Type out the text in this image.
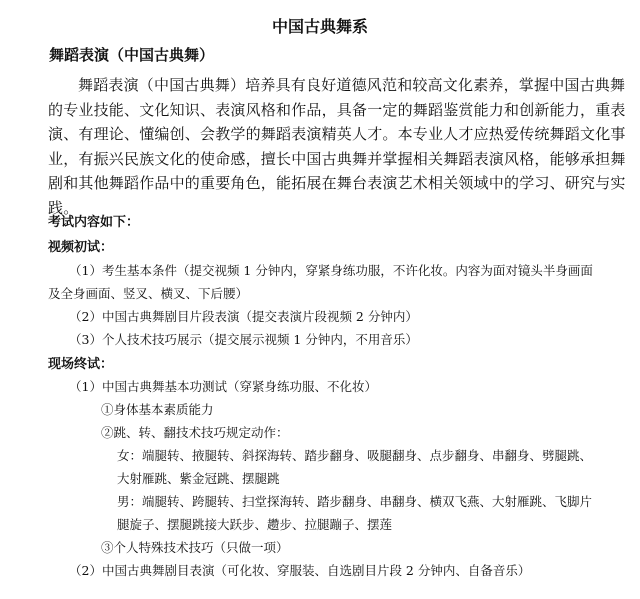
中国古典舞系
舞蹈表演（中国古典舞）
舞蹈表演（中国古典舞）培养具有良好道德风范和较高文化素养，掌握中国古典舞
的专业技能、文化知识、表演风格和作品，具备一定的舞蹈鉴赏能力和创新能力，重表
演、有理论、懂编创、会教学的舞蹈表演精英人才。本专业人才应热爱传统舞蹈文化事
业，有振兴民族文化的使命感，擅长中国古典舞并掌握相关舞蹈表演风格，能够承担舞
剧和其他舞蹈作品中的重要角色，能拓展在舞台表演艺术相关领域中的学习、研究与实
践。
考试内容如下：
视频初试：
（1）考生基本条件（提交视频 1 分钟内，穿紧身练功服，不许化妆。内容为面对镜头半身画面
及全身画面、竖叉、横叉、下后腰）
（2）中国古典舞剧目片段表演（提交表演片段视频 2 分钟内）
（3）个人技术技巧展示（提交展示视频 1 分钟内，不用音乐）
现场终试：
（1）中国古典舞基本功测试（穿紧身练功服、不化妆）
①身体基本素质能力
②跳、转、翻技术技巧规定动作：
女：端腿转、掖腿转、斜探海转、踏步翻身、吸腿翻身、点步翻身、串翻身、劈腿跳、
大射雁跳、紫金冠跳、摆腿跳
男：端腿转、跨腿转、扫堂探海转、踏步翻身、串翻身、横双飞燕、大射雁跳、飞脚片
腿旋子、摆腿跳接大跃步、趱步、拉腿蹦子、摆莲
③个人特殊技术技巧（只做一项）
（2）中国古典舞剧目表演（可化妆、穿服装、自选剧目片段 2 分钟内、自备音乐）
